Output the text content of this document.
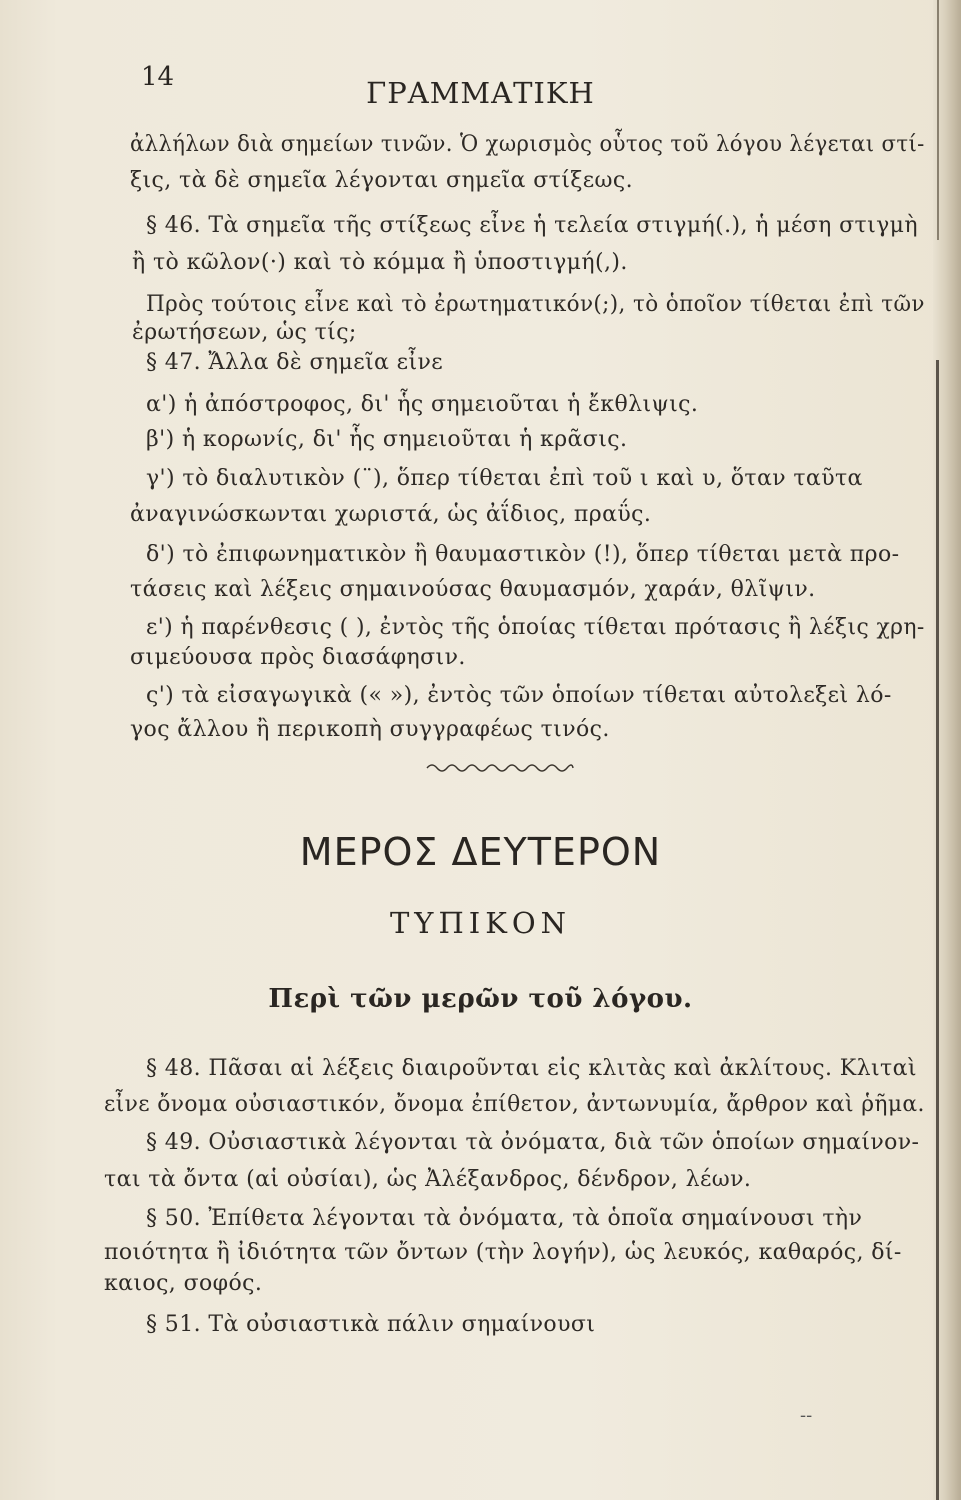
14	ΓΡΑΜΜΑΤΙΚΗ
ἀλλήλων διὰ σημείων τινῶν. Ὁ χωρισμὸς οὗτος τοῦ λόγου λέγεται στί-
ξις, τὰ δὲ σημεῖα λέγονται σημεῖα στίξεως.
§ 46. Τὰ σημεῖα τῆς στίξεως εἶνε ἡ τελεία στιγμή(.), ἡ μέση στιγμὴ
ἢ τὸ κῶλον(·) καὶ τὸ κόμμα ἢ ὑποστιγμή(,).
Πρὸς τούτοις εἶνε καὶ τὸ ἐρωτηματικόν(;), τὸ ὁποῖον τίθεται ἐπὶ τῶν
ἐρωτήσεων, ὡς τίς;
§ 47. Ἄλλα δὲ σημεῖα εἶνε
α') ἡ ἀπόστροφος, δι' ἧς σημειοῦται ἡ ἔκθλιψις.
β') ἡ κορωνίς, δι' ἧς σημειοῦται ἡ κρᾶσις.
γ') τὸ διαλυτικὸν (¨), ὅπερ τίθεται ἐπὶ τοῦ ι καὶ υ, ὅταν ταῦτα
ἀναγινώσκωνται χωριστά, ὡς ἀΐδιος, πραΰς.
δ') τὸ ἐπιφωνηματικὸν ἢ θαυμαστικὸν (!), ὅπερ τίθεται μετὰ προ-
τάσεις καὶ λέξεις σημαινούσας θαυμασμόν, χαράν, θλῖψιν.
ε') ἡ παρένθεσις ( ), ἐντὸς τῆς ὁποίας τίθεται πρότασις ἢ λέξις χρη-
σιμεύουσα πρὸς διασάφησιν.
ς') τὰ εἰσαγωγικὰ (« »), ἐντὸς τῶν ὁποίων τίθεται αὐτολεξεὶ λό-
γος ἄλλου ἢ περικοπὴ συγγραφέως τινός.
ΜΕΡΟΣ ΔΕΥΤΕΡΟΝ
ΤΥΠΙΚΟΝ
Περὶ τῶν μερῶν τοῦ λόγου.
§ 48. Πᾶσαι αἱ λέξεις διαιροῦνται εἰς κλιτὰς καὶ ἀκλίτους. Κλιταὶ
εἶνε ὄνομα οὐσιαστικόν, ὄνομα ἐπίθετον, ἀντωνυμία, ἄρθρον καὶ ῥῆμα.
§ 49. Οὐσιαστικὰ λέγονται τὰ ὀνόματα, διὰ τῶν ὁποίων σημαίνον-
ται τὰ ὄντα (αἱ οὐσίαι), ὡς Ἀλέξανδρος, δένδρον, λέων.
§ 50. Ἐπίθετα λέγονται τὰ ὀνόματα, τὰ ὁποῖα σημαίνουσι τὴν
ποιότητα ἢ ἰδιότητα τῶν ὄντων (τὴν λογήν), ὡς λευκός, καθαρός, δί-
καιος, σοφός.
§ 51. Τὰ οὐσιαστικὰ πάλιν σημαίνουσι
‐‑
